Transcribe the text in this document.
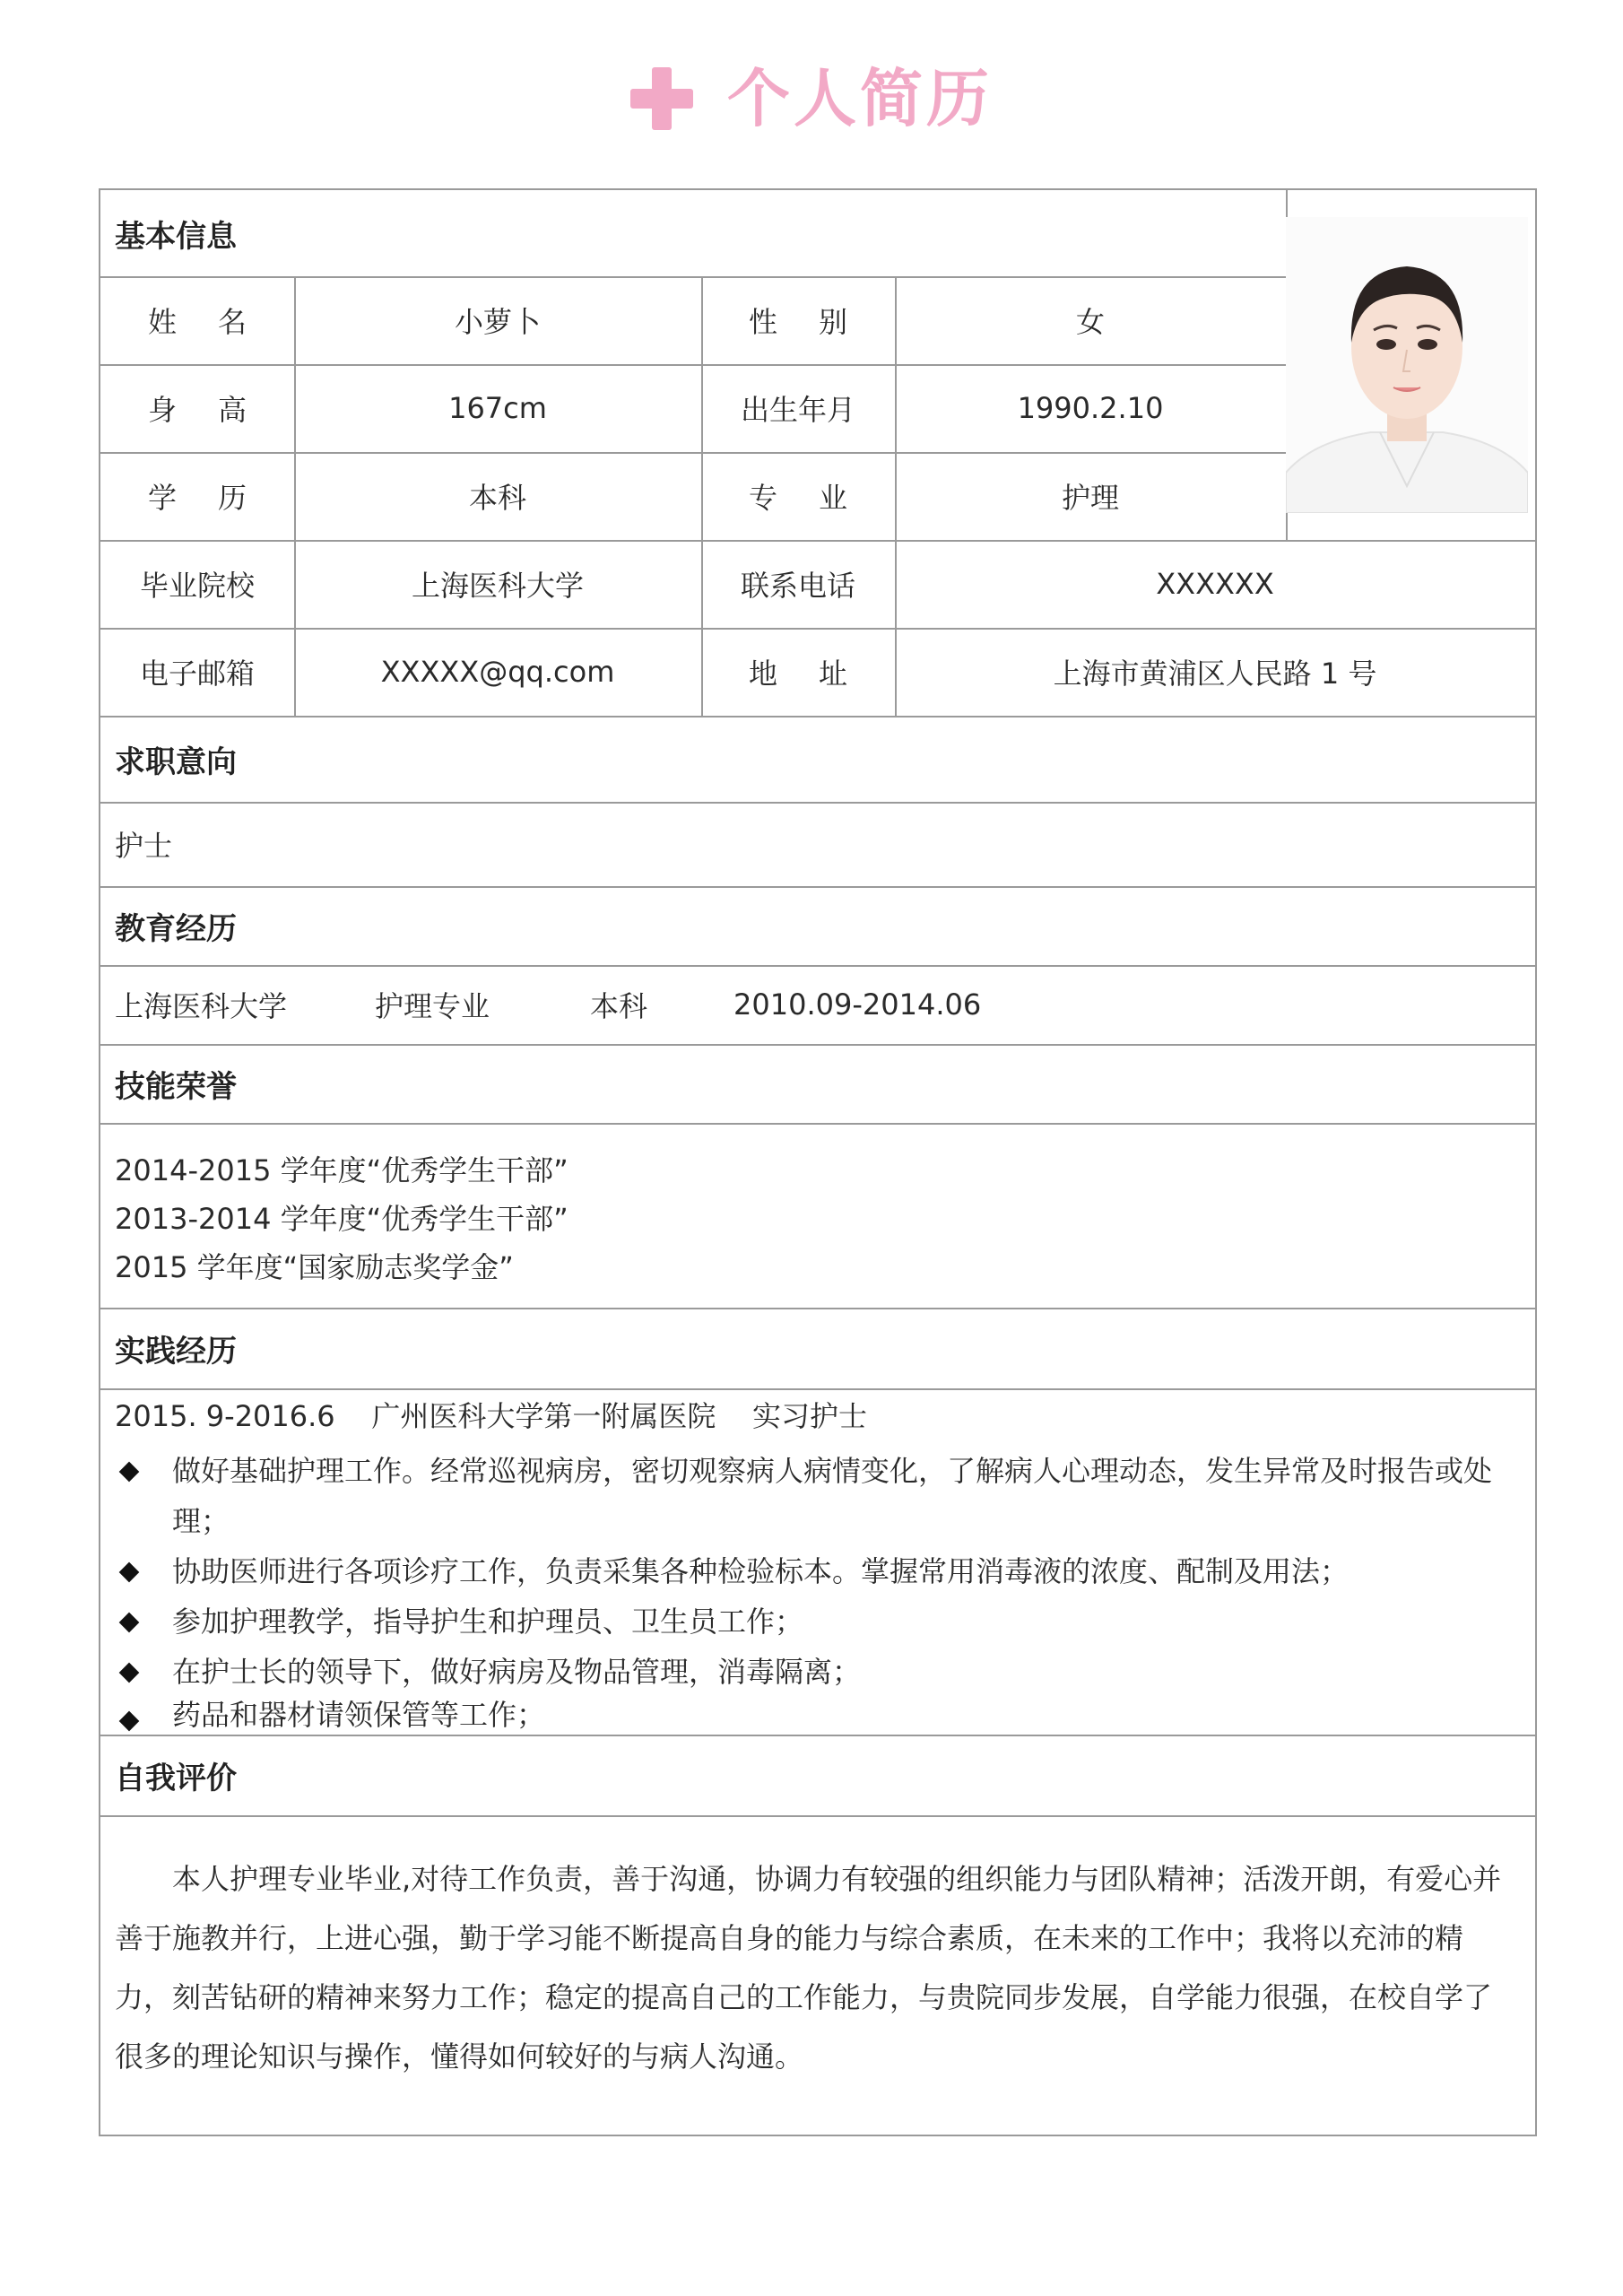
个人简历
基本信息
姓 名	小萝卜	性 别	女
身 高	167cm	出生年月	1990.2.10
学 历	本科	专 业	护理
毕业院校	上海医科大学	联系电话	XXXXXX
电子邮箱	XXXXX@qq.com	地 址	上海市黄浦区人民路 1 号
求职意向
护士
教育经历
上海医科大学	护理专业	本科	2010.09-2014.06
技能荣誉
2014-2015 学年度“优秀学生干部”
2013-2014 学年度“优秀学生干部”
2015 学年度“国家励志奖学金”
实践经历
2015. 9-2016.6    广州医科大学第一附属医院    实习护士
做好基础护理工作。经常巡视病房，密切观察病人病情变化，了解病人心理动态，发生异常及时报告或处理；
协助医师进行各项诊疗工作，负责采集各种检验标本。掌握常用消毒液的浓度、配制及用法；
参加护理教学，指导护生和护理员、卫生员工作；
在护士长的领导下，做好病房及物品管理，消毒隔离；
药品和器材请领保管等工作；
自我评价
本人护理专业毕业,对待工作负责，善于沟通，协调力有较强的组织能力与团队精神；活泼开朗，有爱心并善于施教并行，上进心强，勤于学习能不断提高自身的能力与综合素质，在未来的工作中；我将以充沛的精力，刻苦钻研的精神来努力工作；稳定的提高自己的工作能力，与贵院同步发展，自学能力很强，在校自学了很多的理论知识与操作，懂得如何较好的与病人沟通。
